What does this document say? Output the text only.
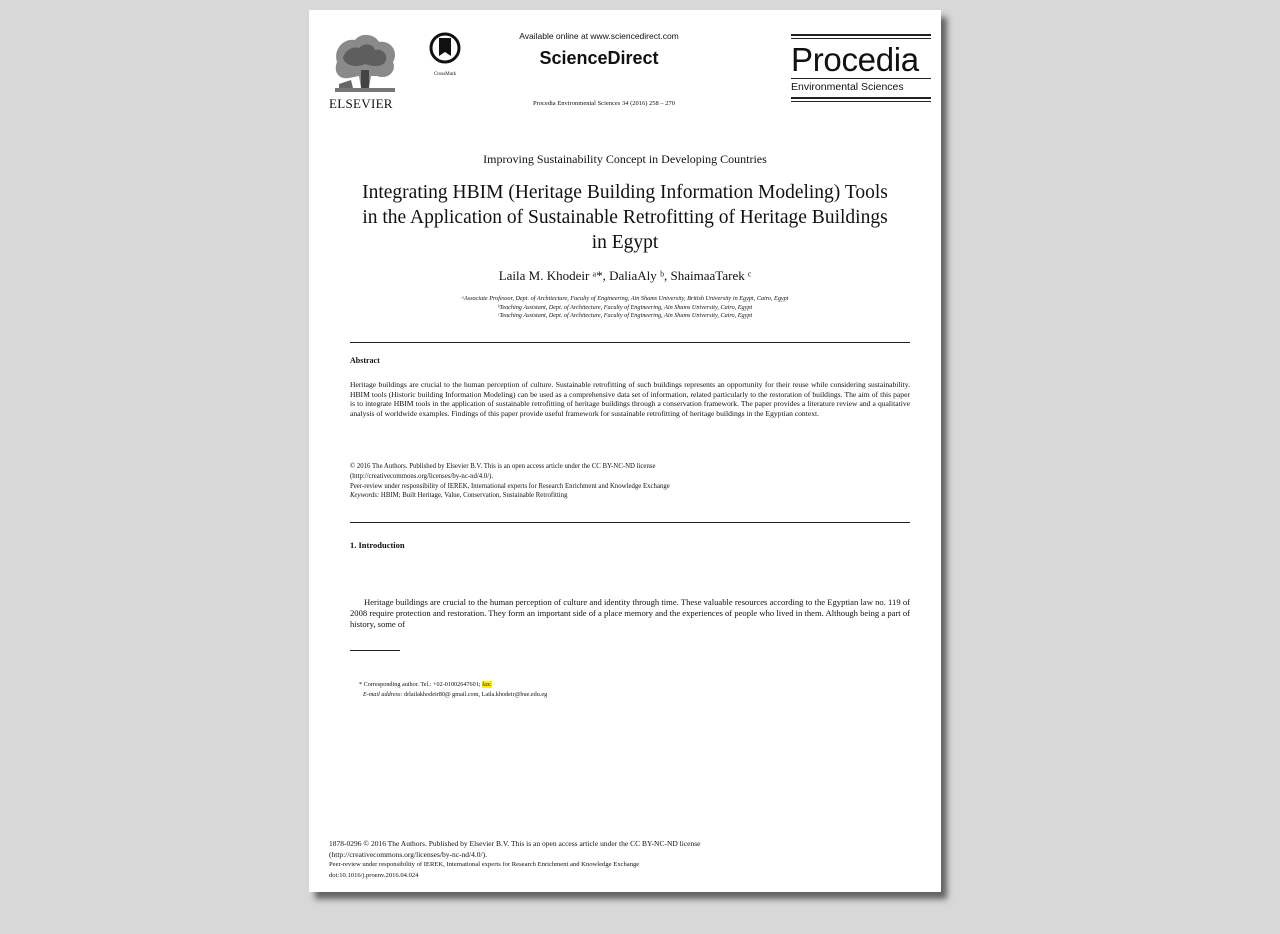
ELSEVIER
CrossMark
Available online at www.sciencedirect.com
ScienceDirect
Procedia Environmental Sciences 34 (2016) 258 – 270
Procedia
Environmental Sciences
Improving Sustainability Concept in Developing Countries
Integrating HBIM (Heritage Building Information Modeling) Tools
in the Application of Sustainable Retrofitting of Heritage Buildings
in Egypt
Laila M. Khodeir ᵃ*, DaliaAly ᵇ, ShaimaaTarek ᶜ
ᵃAssociate Professor, Dept. of Architecture, Faculty of Engineering, Ain Shams University, British University in Egypt, Cairo, Egypt
ᵇTeaching Assistant, Dept. of Architecture, Faculty of Engineering, Ain Shams University, Cairo, Egypt
ᶜTeaching Assistant, Dept. of Architecture, Faculty of Engineering, Ain Shams University, Cairo, Egypt
Abstract
Heritage buildings are crucial to the human perception of culture. Sustainable retrofitting of such buildings represents an opportunity for their reuse while considering sustainability. HBIM tools (Historic building Information Modeling) can be used as a comprehensive data set of information, related particularly to the restoration of buildings. The aim of this paper is to integrate HBIM tools in the application of sustainable retrofitting of heritage buildings through a conservation framework. The paper provides a literature review and a qualitative analysis of worldwide examples. Findings of this paper provide useful framework for sustainable retrofitting of heritage buildings in the Egyptian context.
© 2016 The Authors. Published by Elsevier B.V. This is an open access article under the CC BY-NC-ND license
(http://creativecommons.org/licenses/by-nc-nd/4.0/).
Peer-review under responsibility of IEREK, International experts for Research Enrichment and Knowledge Exchange
Keywords: HBIM; Built Heritage, Value, Conservation, Sustainable Retrofitting
1. Introduction
Heritage buildings are crucial to the human perception of culture and identity through time. These valuable resources according to the Egyptian law no. 119 of 2008 require protection and restoration. They form an important side of a place memory and the experiences of people who lived in them. Although being a part of history, some of
* Corresponding author. Tel.: +02-01002647601; fax:
E-mail address: drlailakhodeir80@ gmail.com, Laila.khodeir@bue.edu.eg
1878-0296 © 2016 The Authors. Published by Elsevier B.V. This is an open access article under the CC BY-NC-ND license
(http://creativecommons.org/licenses/by-nc-nd/4.0/).
Peer-review under responsibility of IEREK, International experts for Research Enrichment and Knowledge Exchange
doi:10.1016/j.proenv.2016.04.024
